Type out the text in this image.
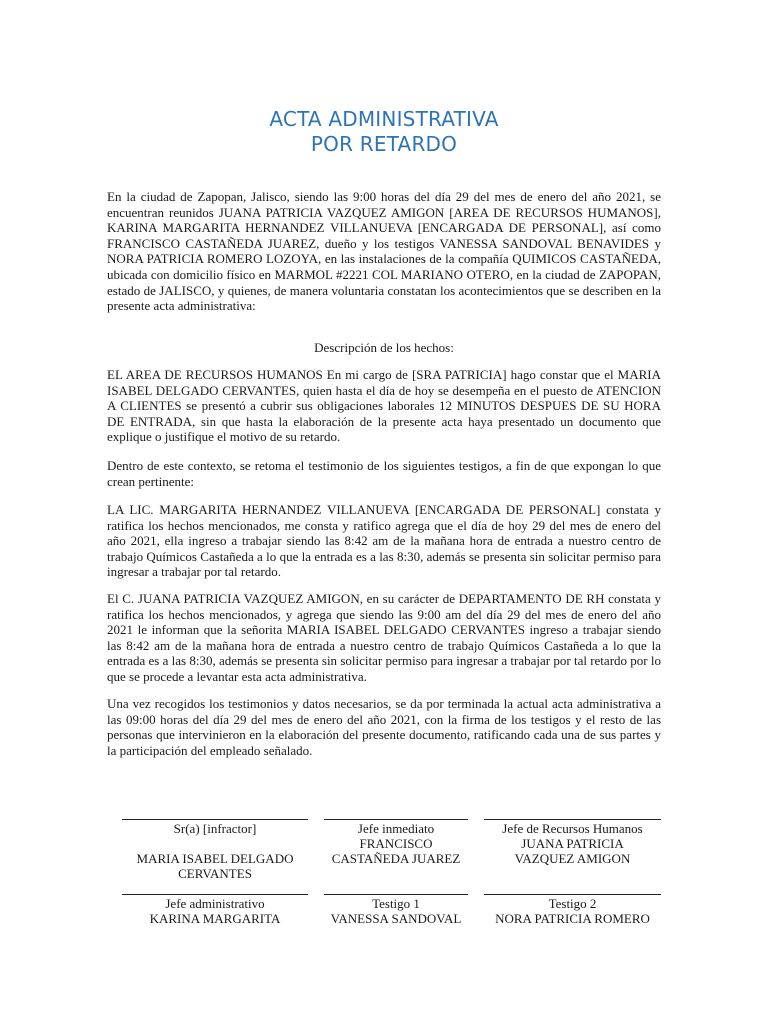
ACTA ADMINISTRATIVA
POR RETARDO

En la ciudad de Zapopan, Jalisco, siendo las 9:00 horas del día 29 del mes de enero del año 2021, se encuentran reunidos JUANA PATRICIA VAZQUEZ AMIGON [AREA DE RECURSOS HUMANOS], KARINA MARGARITA HERNANDEZ VILLANUEVA [ENCARGADA DE PERSONAL], así como FRANCISCO CASTAÑEDA JUAREZ, dueño y los testigos VANESSA SANDOVAL BENAVIDES y NORA PATRICIA ROMERO LOZOYA, en las instalaciones de la compañía QUIMICOS CASTAÑEDA, ubicada con domicilio físico en MARMOL #2221 COL MARIANO OTERO, en la ciudad de ZAPOPAN, estado de JALISCO, y quienes, de manera voluntaria constatan los acontecimientos que se describen en la presente acta administrativa:

Descripción de los hechos:

EL AREA DE RECURSOS HUMANOS En mi cargo de [SRA PATRICIA] hago constar que el MARIA ISABEL DELGADO CERVANTES, quien hasta el día de hoy se desempeña en el puesto de ATENCION A CLIENTES se presentó a cubrir sus obligaciones laborales 12 MINUTOS DESPUES DE SU HORA DE ENTRADA, sin que hasta la elaboración de la presente acta haya presentado un documento que explique o justifique el motivo de su retardo.

Dentro de este contexto, se retoma el testimonio de los siguientes testigos, a fin de que expongan lo que crean pertinente:

LA LIC. MARGARITA HERNANDEZ VILLANUEVA [ENCARGADA DE PERSONAL] constata y ratifica los hechos mencionados, me consta y ratifico agrega que el día de hoy 29 del mes de enero del año 2021, ella ingreso a trabajar siendo las 8:42 am de la mañana hora de entrada a nuestro centro de trabajo Químicos Castañeda a lo que la entrada es a las 8:30, además se presenta sin solicitar permiso para ingresar a trabajar por tal retardo.

El C. JUANA PATRICIA VAZQUEZ AMIGON, en su carácter de DEPARTAMENTO DE RH constata y ratifica los hechos mencionados, y agrega que siendo las 9:00 am del día 29 del mes de enero del año 2021 le informan que la señorita MARIA ISABEL DELGADO CERVANTES ingreso a trabajar siendo las 8:42 am de la mañana hora de entrada a nuestro centro de trabajo Químicos Castañeda a lo que la entrada es a las 8:30, además se presenta sin solicitar permiso para ingresar a trabajar por tal retardo por lo que se procede a levantar esta acta administrativa.

Una vez recogidos los testimonios y datos necesarios, se da por terminada la actual acta administrativa a las 09:00 horas del día 29 del mes de enero del año 2021, con la firma de los testigos y el resto de las personas que intervinieron en la elaboración del presente documento, ratificando cada una de sus partes y la participación del empleado señalado.

Sr(a) [infractor]

MARIA ISABEL DELGADO
CERVANTES
Jefe inmediato
FRANCISCO
CASTAÑEDA JUAREZ
Jefe de Recursos Humanos
JUANA PATRICIA
VAZQUEZ AMIGON
Jefe administrativo
KARINA MARGARITA
Testigo 1
VANESSA SANDOVAL
Testigo 2
NORA PATRICIA ROMERO
